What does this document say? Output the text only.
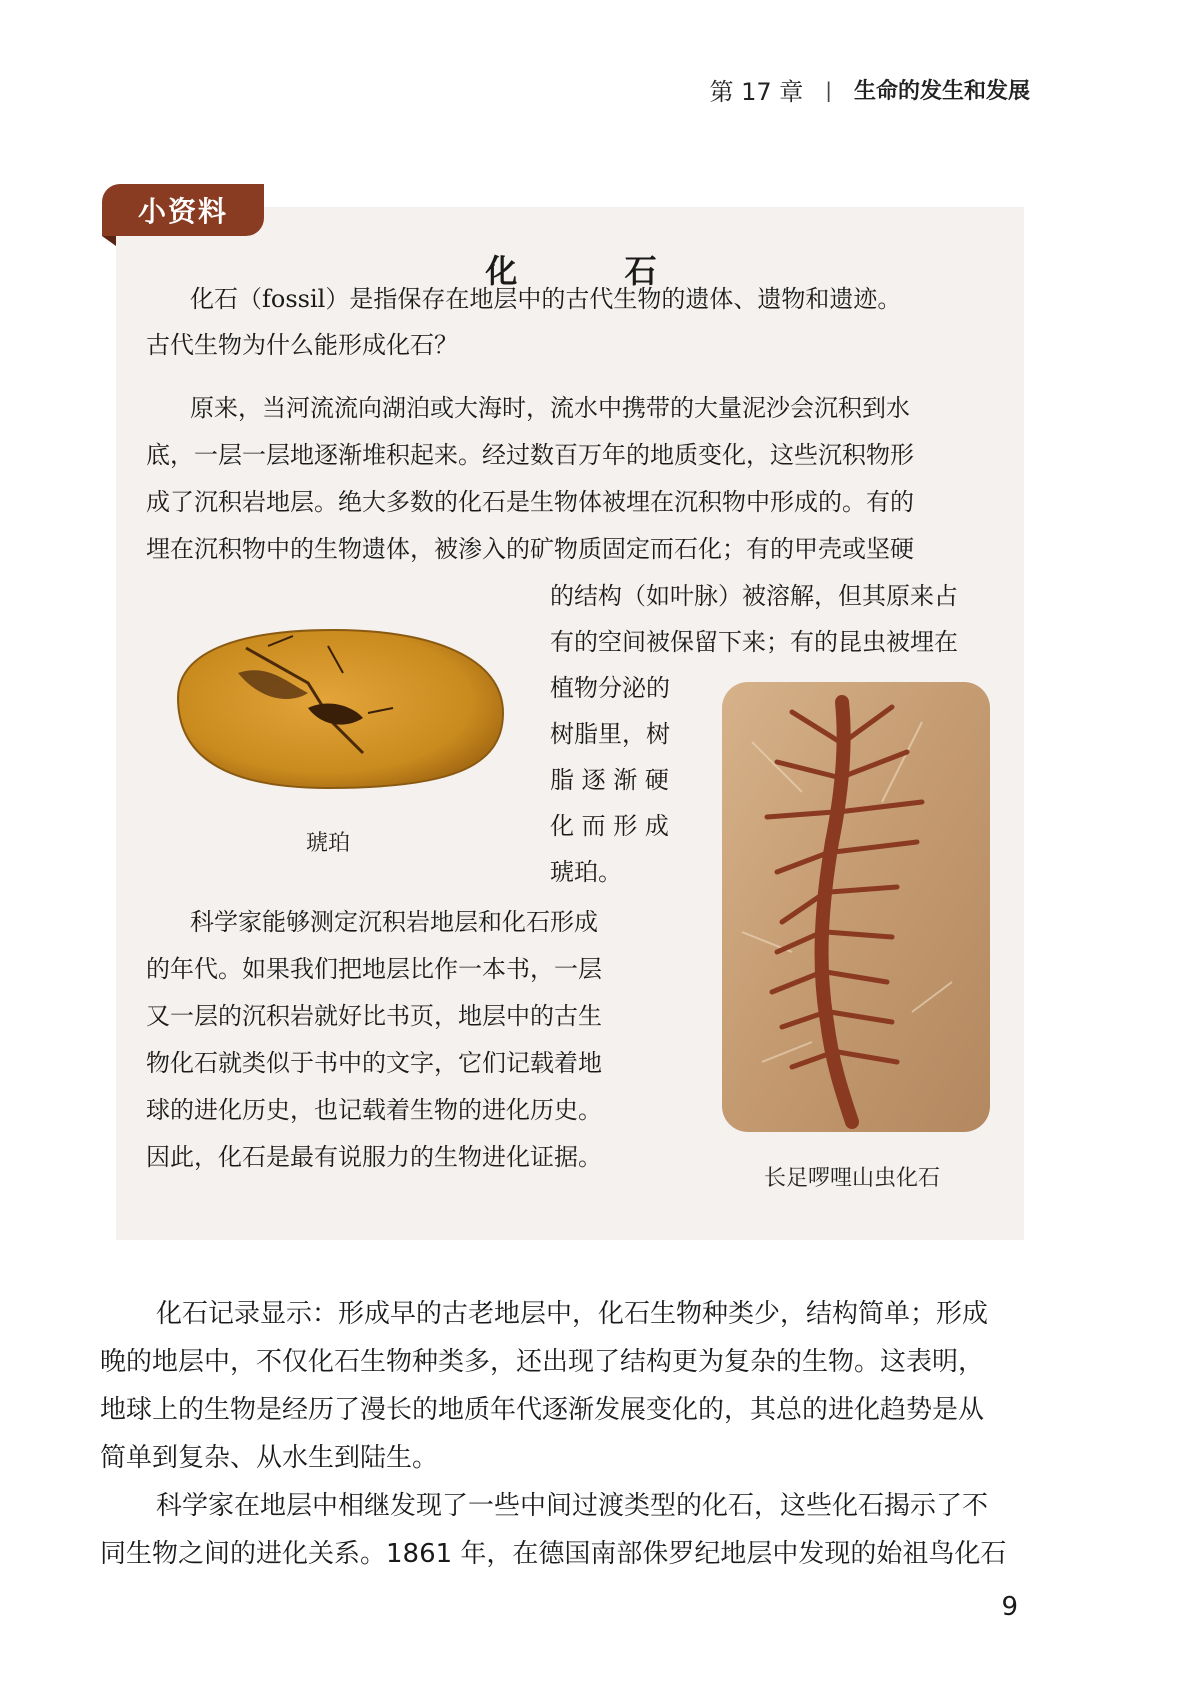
第 17 章 | 生命的发生和发展
小资料
化 石
化石（fossil）是指保存在地层中的古代生物的遗体、遗物和遗迹。
古代生物为什么能形成化石？
原来，当河流流向湖泊或大海时，流水中携带的大量泥沙会沉积到水
底，一层一层地逐渐堆积起来。经过数百万年的地质变化，这些沉积物形
成了沉积岩地层。绝大多数的化石是生物体被埋在沉积物中形成的。有的
埋在沉积物中的生物遗体，被渗入的矿物质固定而石化；有的甲壳或坚硬
的结构（如叶脉）被溶解，但其原来占
有的空间被保留下来；有的昆虫被埋在
植物分泌的
树脂里，树
脂 逐 渐 硬
化 而 形 成
琥珀。
科学家能够测定沉积岩地层和化石形成
的年代。如果我们把地层比作一本书，一层
又一层的沉积岩就好比书页，地层中的古生
物化石就类似于书中的文字，它们记载着地
球的进化历史，也记载着生物的进化历史。
因此，化石是最有说服力的生物进化证据。
琥珀
长足啰哩山虫化石
化石记录显示：形成早的古老地层中，化石生物种类少，结构简单；形成
晚的地层中，不仅化石生物种类多，还出现了结构更为复杂的生物。这表明，
地球上的生物是经历了漫长的地质年代逐渐发展变化的，其总的进化趋势是从
简单到复杂、从水生到陆生。
科学家在地层中相继发现了一些中间过渡类型的化石，这些化石揭示了不
同生物之间的进化关系。1861 年，在德国南部侏罗纪地层中发现的始祖鸟化石
9
